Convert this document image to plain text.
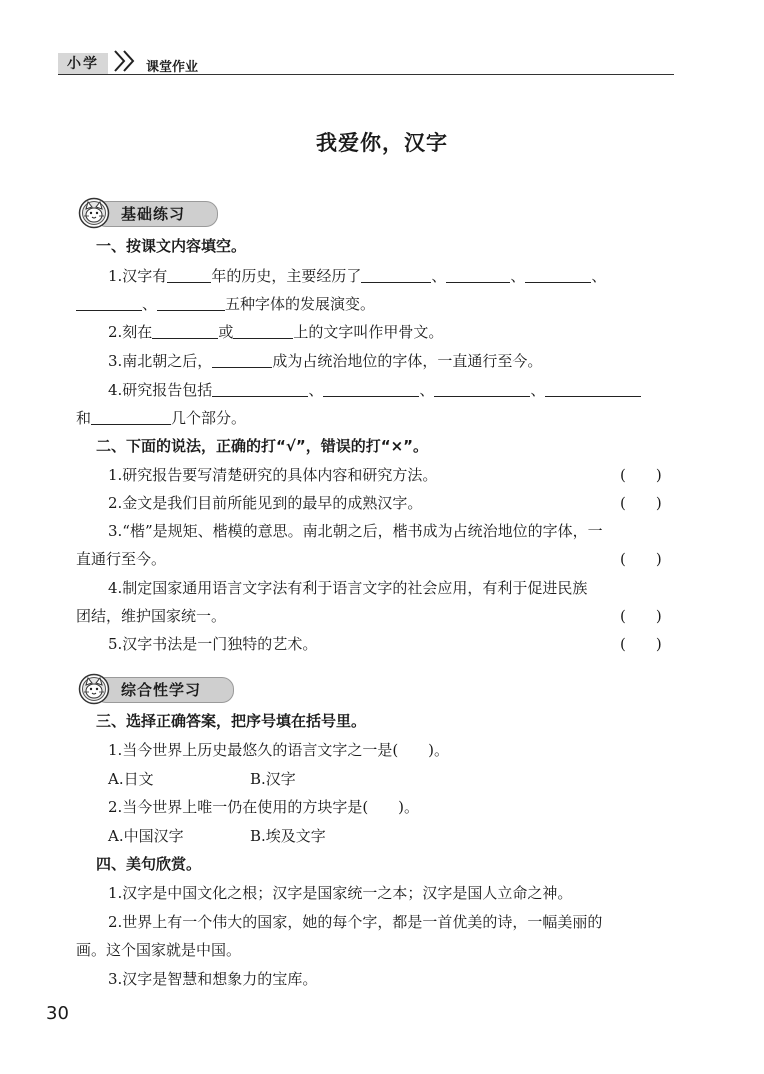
小学	课堂作业
我爱你，汉字
基础练习
一、按课文内容填空。
1.汉字有	年的历史，主要经历了	、	、	、
、	五种字体的发展演变。
2.刻在	或	上的文字叫作甲骨文。
3.南北朝之后，	成为占统治地位的字体，一直通行至今。
4.研究报告包括	、	、	、
和	几个部分。
二、下面的说法，正确的打“√”，错误的打“×”。
1.研究报告要写清楚研究的具体内容和研究方法。	(　　)
2.金文是我们目前所能见到的最早的成熟汉字。	(　　)
3.“楷”是规矩、楷模的意思。南北朝之后，楷书成为占统治地位的字体，一
直通行至今。	(　　)
4.制定国家通用语言文字法有利于语言文字的社会应用，有利于促进民族
团结，维护国家统一。	(　　)
5.汉字书法是一门独特的艺术。	(　　)
综合性学习
三、选择正确答案，把序号填在括号里。
1.当今世界上历史最悠久的语言文字之一是(　　)。
A.日文	B.汉字
2.当今世界上唯一仍在使用的方块字是(　　)。
A.中国汉字	B.埃及文字
四、美句欣赏。
1.汉字是中国文化之根；汉字是国家统一之本；汉字是国人立命之神。
2.世界上有一个伟大的国家，她的每个字，都是一首优美的诗，一幅美丽的
画。这个国家就是中国。
3.汉字是智慧和想象力的宝库。
30
